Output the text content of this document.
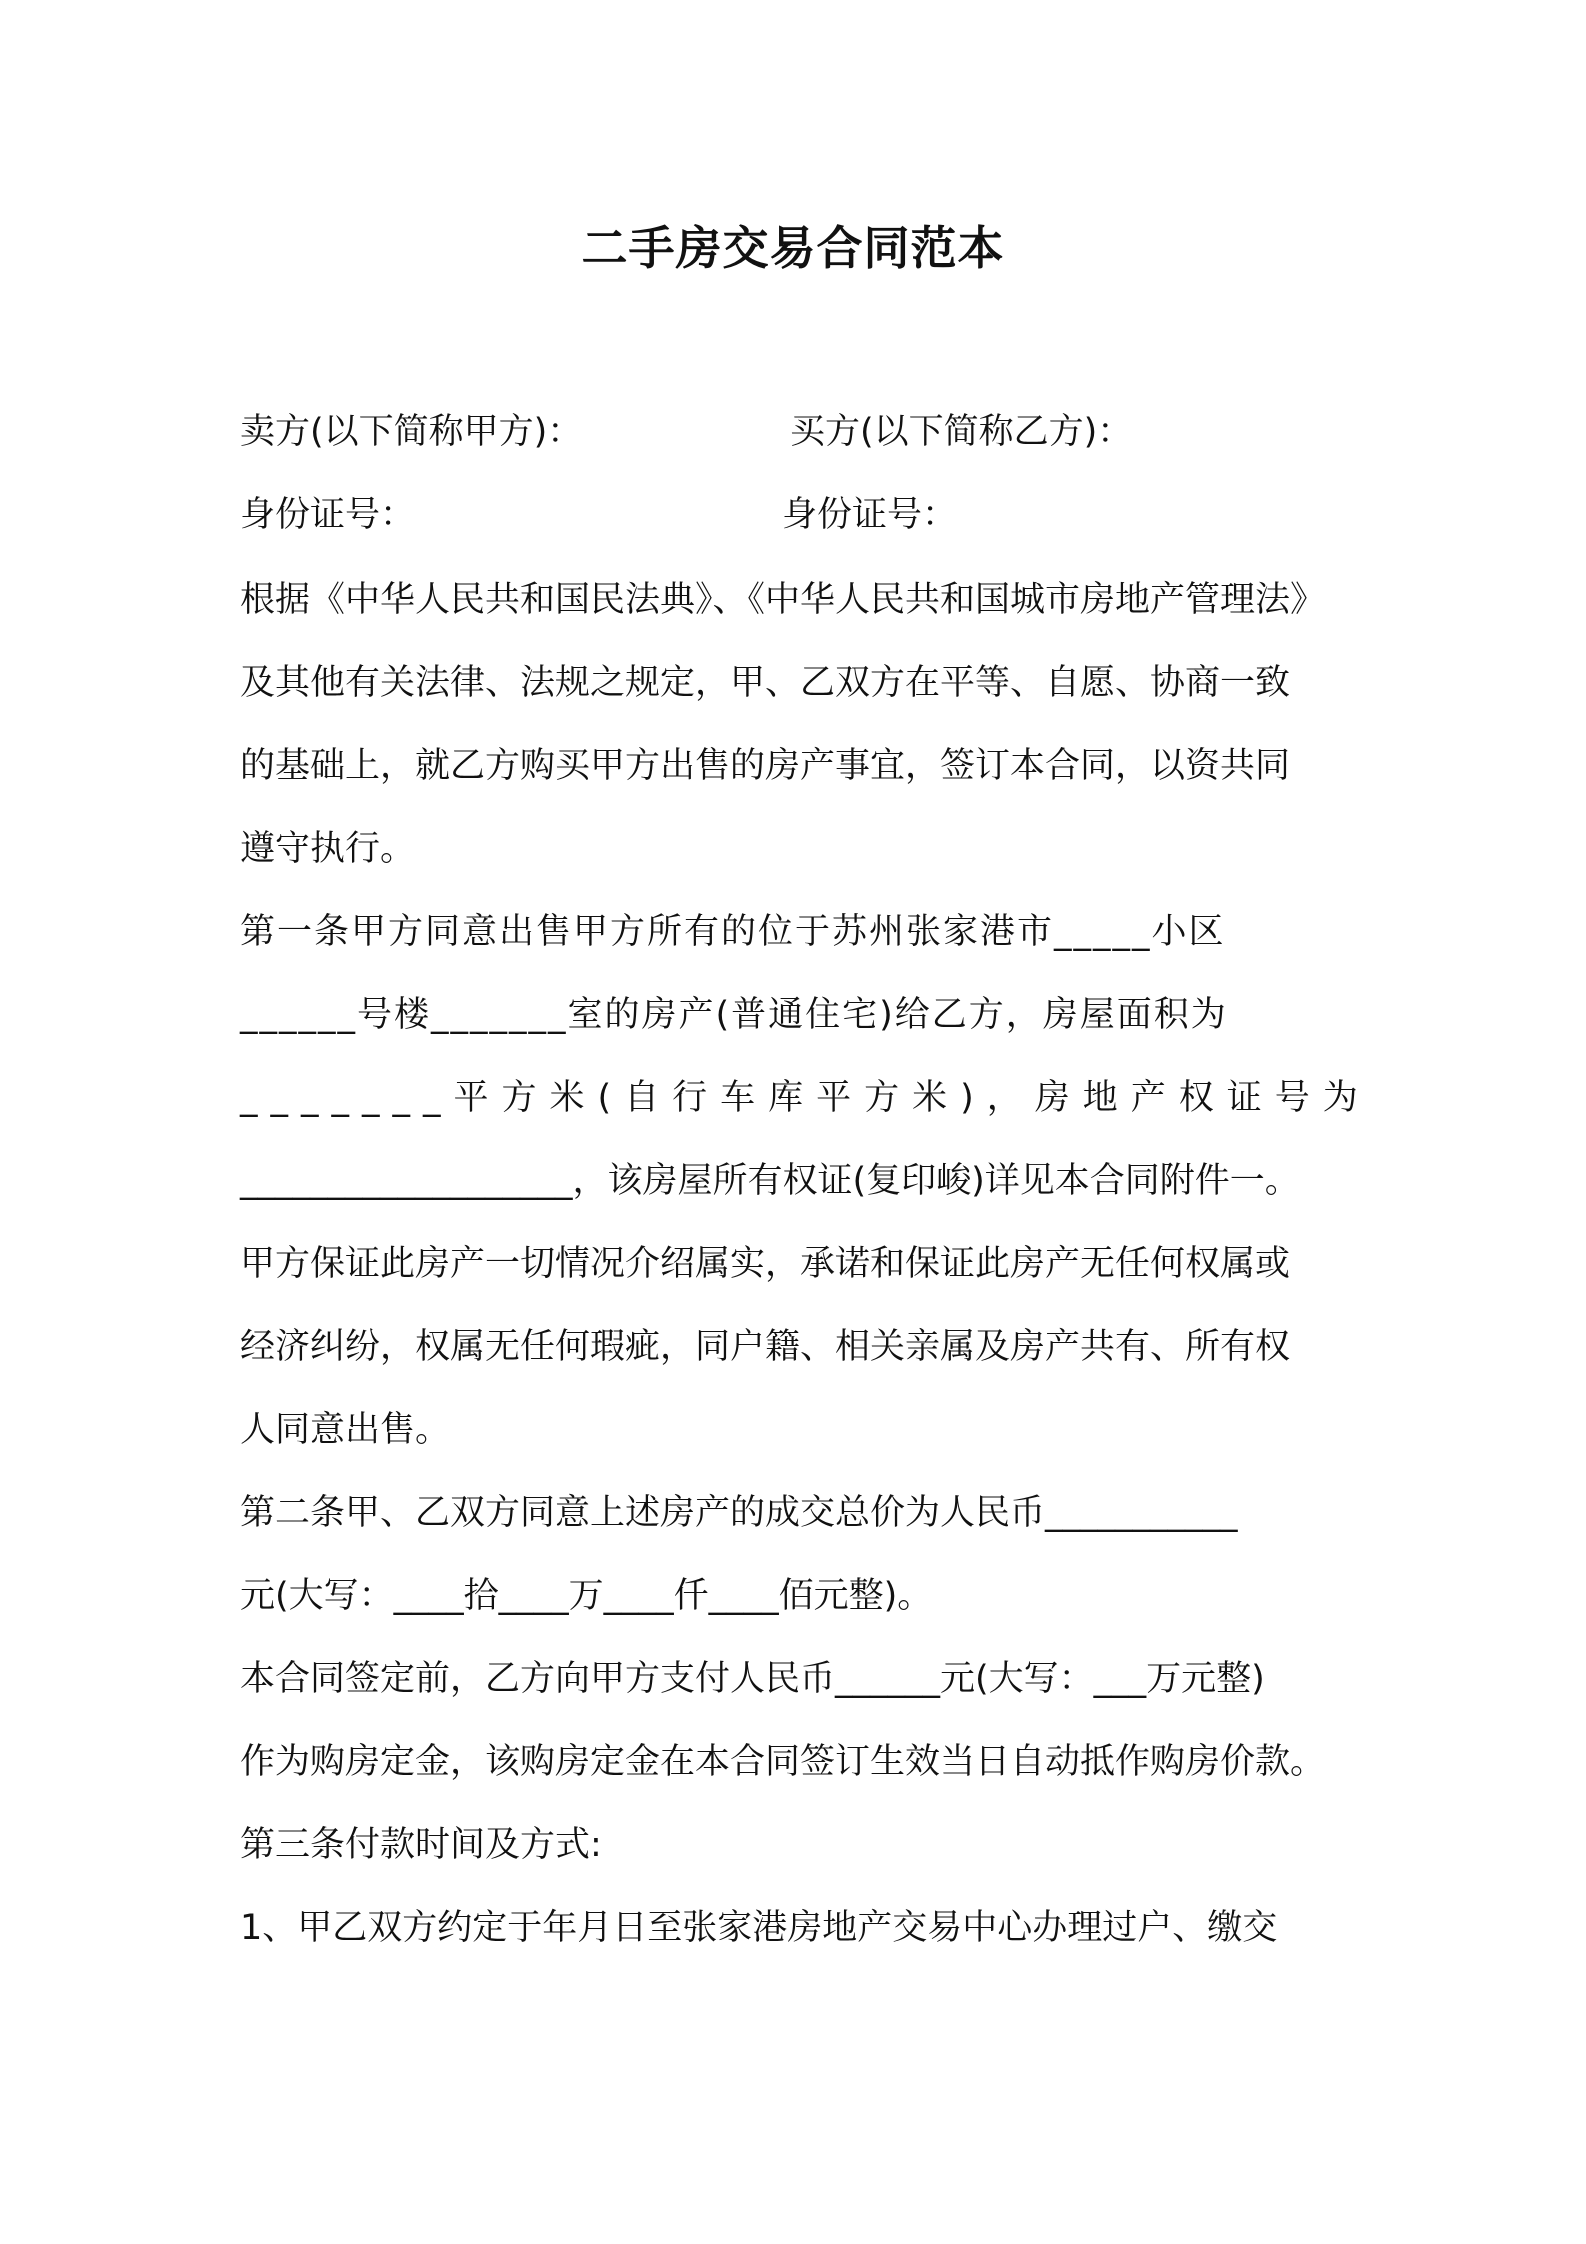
二手房交易合同范本
卖方(以下简称甲方)：	买方(以下简称乙方)：
身份证号：	身份证号：
根据《中华人民共和国民法典》、《中华人民共和国城市房地产管理法》
及其他有关法律、法规之规定，甲、乙双方在平等、自愿、协商一致
的基础上，就乙方购买甲方出售的房产事宜，签订本合同，以资共同
遵守执行。
第一条甲方同意出售甲方所有的位于苏州张家港市_____小区
______号楼_______室的房产(普通住宅)给乙方，房屋面积为
_______平方米(自行车库平方米)，房地产权证号为
___________________，该房屋所有权证(复印峻)详见本合同附件一。
甲方保证此房产一切情况介绍属实，承诺和保证此房产无任何权属或
经济纠纷，权属无任何瑕疵，同户籍、相关亲属及房产共有、所有权
人同意出售。
第二条甲、乙双方同意上述房产的成交总价为人民币___________
元(大写：____拾____万____仟____佰元整)。
本合同签定前，乙方向甲方支付人民币______元(大写：___万元整)
作为购房定金，该购房定金在本合同签订生效当日自动抵作购房价款。
第三条付款时间及方式:
1、甲乙双方约定于年月日至张家港房地产交易中心办理过户、缴交
